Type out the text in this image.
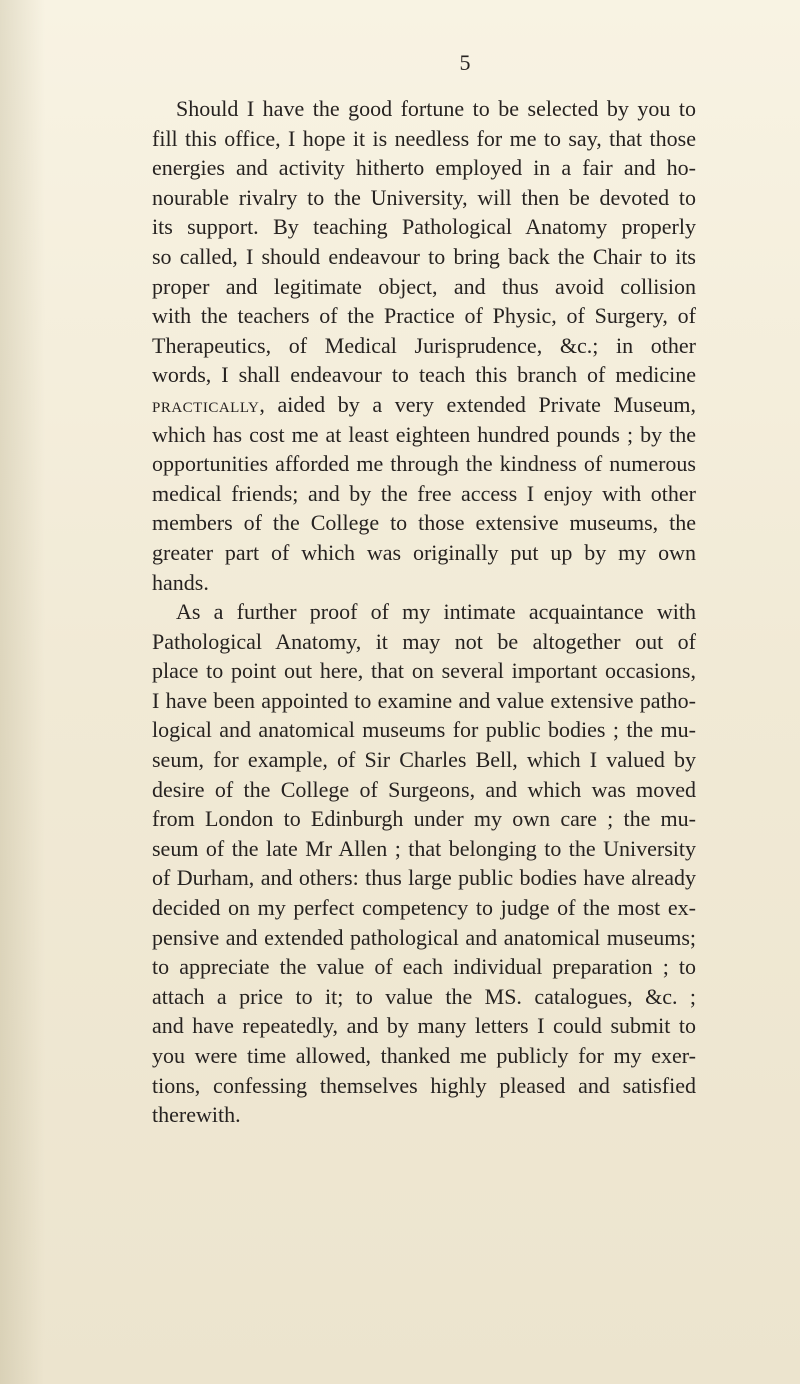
5
Should I have the good fortune to be selected by you to
fill this office, I hope it is needless for me to say, that those
energies and activity hitherto employed in a fair and ho-
nourable rivalry to the University, will then be devoted to
its support. By teaching Pathological Anatomy properly
so called, I should endeavour to bring back the Chair to its
proper and legitimate object, and thus avoid collision
with the teachers of the Practice of Physic, of Surgery, of
Therapeutics, of Medical Jurisprudence, &c.; in other
words, I shall endeavour to teach this branch of medicine
practically, aided by a very extended Private Museum,
which has cost me at least eighteen hundred pounds ; by the
opportunities afforded me through the kindness of numerous
medical friends; and by the free access I enjoy with other
members of the College to those extensive museums, the
greater part of which was originally put up by my own
hands.
As a further proof of my intimate acquaintance with
Pathological Anatomy, it may not be altogether out of
place to point out here, that on several important occasions,
I have been appointed to examine and value extensive patho-
logical and anatomical museums for public bodies ; the mu-
seum, for example, of Sir Charles Bell, which I valued by
desire of the College of Surgeons, and which was moved
from London to Edinburgh under my own care ; the mu-
seum of the late Mr Allen ; that belonging to the University
of Durham, and others: thus large public bodies have already
decided on my perfect competency to judge of the most ex-
pensive and extended pathological and anatomical museums;
to appreciate the value of each individual preparation ; to
attach a price to it; to value the MS. catalogues, &c. ;
and have repeatedly, and by many letters I could submit to
you were time allowed, thanked me publicly for my exer-
tions, confessing themselves highly pleased and satisfied
therewith.
